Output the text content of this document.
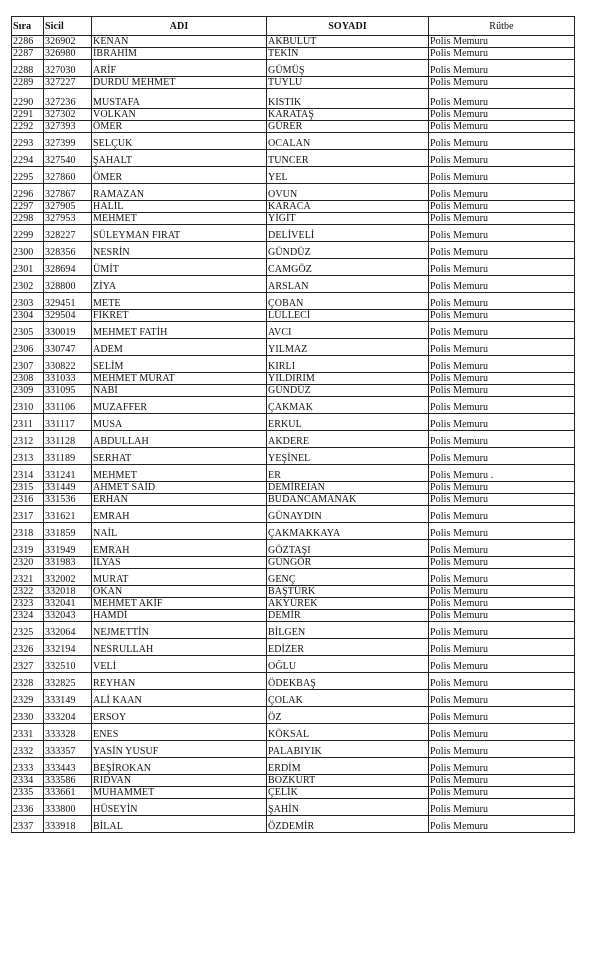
Sıra	Sicil	ADI	SOYADI	Rütbe
2286	326902	KENAN	AKBULUT	Polis Memuru
2287	326980	İBRAHİM	TEKİN	Polis Memuru
2288	327030	ARİF	GÜMÜŞ	Polis Memuru
2289	327227	DURDU MEHMET	TUYLU	Polis Memuru
2290	327236	MUSTAFA	KISTIK	Polis Memuru
2291	327302	VOLKAN	KARATAŞ	Polis Memuru
2292	327393	ÖMER	GÜRER	Polis Memuru
2293	327399	SELÇUK	OCALAN	Polis Memuru
2294	327540	ŞAHALT	TUNCER	Polis Memuru
2295	327860	ÖMER	YEL	Polis Memuru
2296	327867	RAMAZAN	OVUN	Polis Memuru
2297	327905	HALİL	KARACA	Polis Memuru
2298	327953	MEHMET	YİĞİT	Polis Memuru
2299	328227	SÜLEYMAN FIRAT	DELİVELİ	Polis Memuru
2300	328356	NESRİN	GÜNDÜZ	Polis Memuru
2301	328694	ÜMİT	CAMGÖZ	Polis Memuru
2302	328800	ZİYA	ARSLAN	Polis Memuru
2303	329451	METE	ÇOBAN	Polis Memuru
2304	329504	FİKRET	LÜLLECİ	Polis Memuru
2305	330019	MEHMET FATİH	AVCI	Polis Memuru
2306	330747	ADEM	YILMAZ	Polis Memuru
2307	330822	SELİM	KIRLI	Polis Memuru
2308	331033	MEHMET MURAT	YILDIRIM	Polis Memuru
2309	331095	NABİ	GÜNDÜZ	Polis Memuru
2310	331106	MUZAFFER	ÇAKMAK	Polis Memuru
2311	331117	MUSA	ERKUL	Polis Memuru
2312	331128	ABDULLAH	AKDERE	Polis Memuru
2313	331189	SERHAT	YEŞİNEL	Polis Memuru
2314	331241	MEHMET	ER	Polis Memuru .
2315	331449	AHMET SAİD	DEMİREIAN	Polis Memuru
2316	331536	ERHAN	BUDANCAMANAK	Polis Memuru
2317	331621	EMRAH	GÜNAYDIN	Polis Memuru
2318	331859	NAİL	ÇAKMAKKAYA	Polis Memuru
2319	331949	EMRAH	GÖZTAŞI	Polis Memuru
2320	331983	İLYAS	GÜNGÖR	Polis Memuru
2321	332002	MURAT	GENÇ	Polis Memuru
2322	332018	OKAN	BAŞTÜRK	Polis Memuru
2323	332041	MEHMET AKİF	AKYÜREK	Polis Memuru
2324	332043	HAMDİ	DEMİR	Polis Memuru
2325	332064	NEJMETTİN	BİLGEN	Polis Memuru
2326	332194	NESRULLAH	EDİZER	Polis Memuru
2327	332510	VELİ	OĞLU	Polis Memuru
2328	332825	REYHAN	ÖDEKBAŞ	Polis Memuru
2329	333149	ALİ KAAN	ÇOLAK	Polis Memuru
2330	333204	ERSOY	ÖZ	Polis Memuru
2331	333328	ENES	KÖKSAL	Polis Memuru
2332	333357	YASİN YUSUF	PALABIYIK	Polis Memuru
2333	333443	BEŞİROKAN	ERDİM	Polis Memuru
2334	333586	RIDVAN	BOZKURT	Polis Memuru
2335	333661	MUHAMMET	ÇELİK	Polis Memuru
2336	333800	HÜSEYİN	ŞAHİN	Polis Memuru
2337	333918	BİLAL	ÖZDEMİR	Polis Memuru
